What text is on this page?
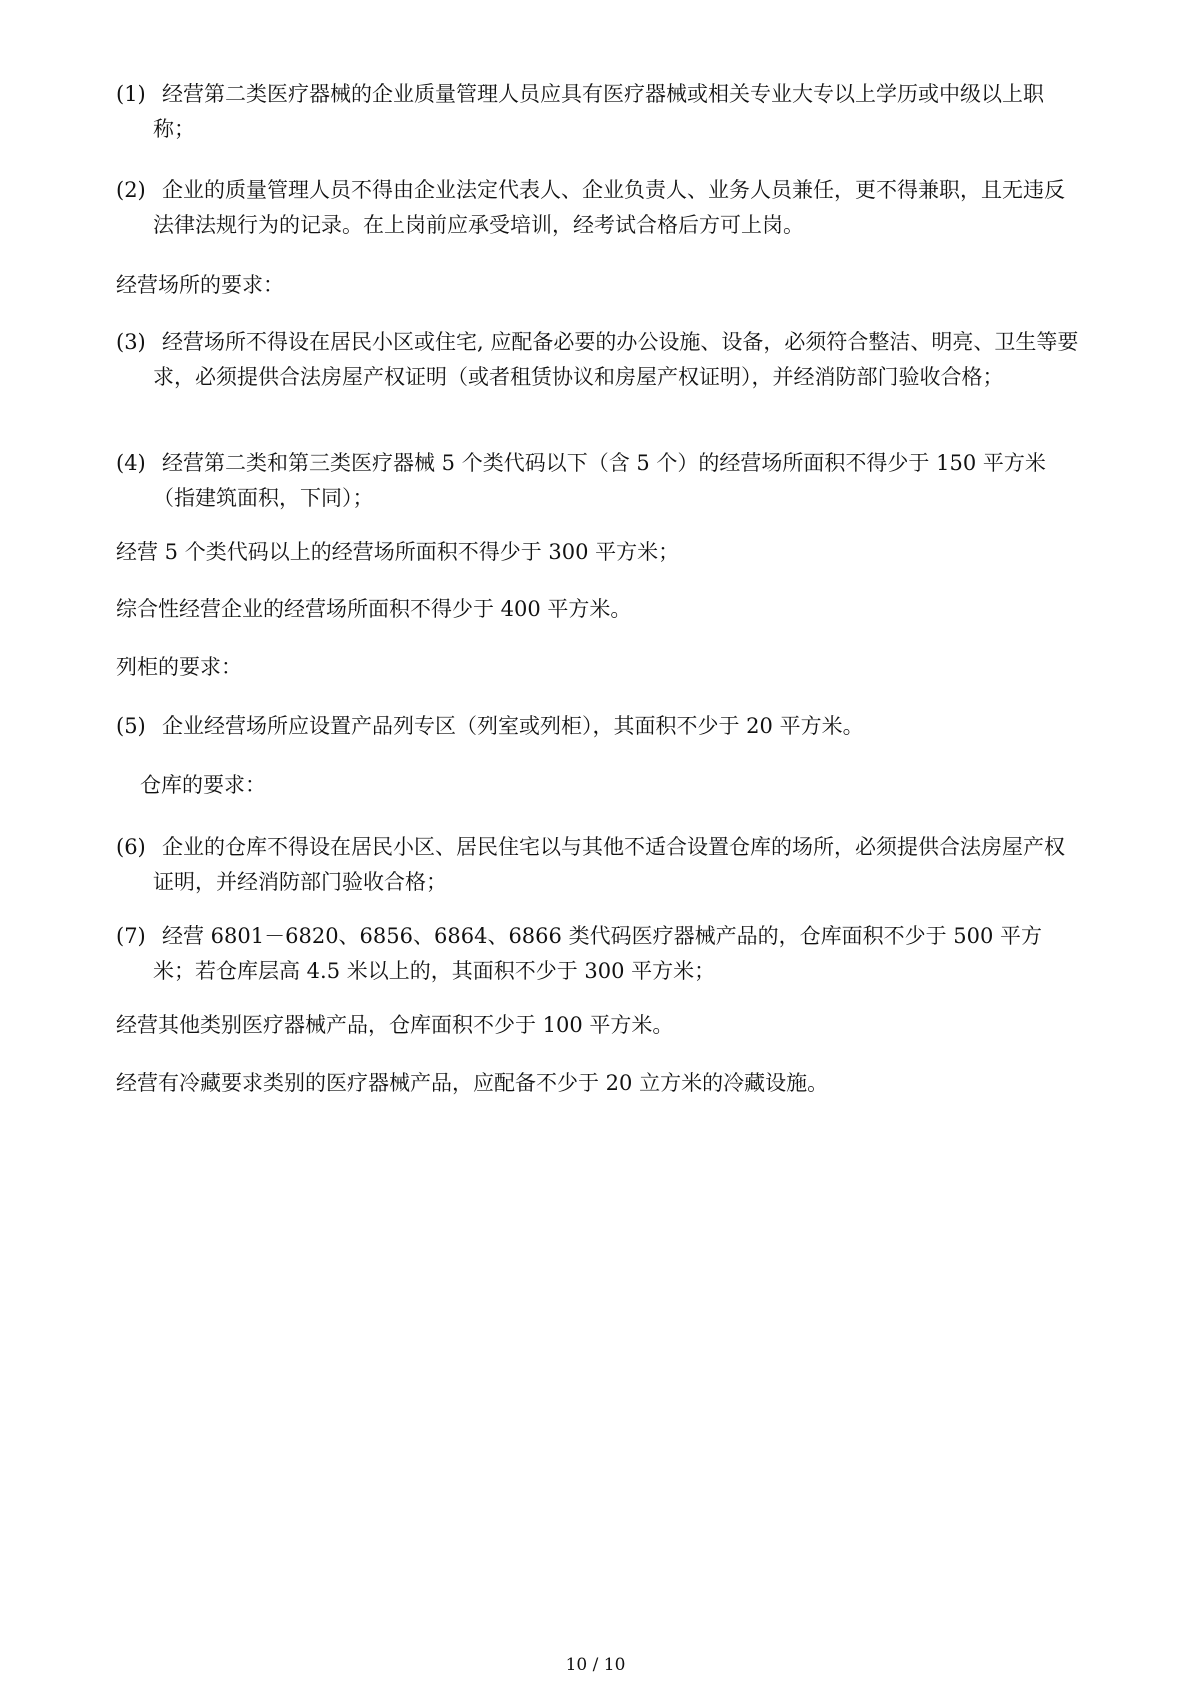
(1) 经营第二类医疗器械的企业质量管理人员应具有医疗器械或相关专业大专以上学历或中级以上职称；
(2) 企业的质量管理人员不得由企业法定代表人、企业负责人、业务人员兼任，更不得兼职，且无违反法律法规行为的记录。在上岗前应承受培训，经考试合格后方可上岗。
经营场所的要求：
(3) 经营场所不得设在居民小区或住宅, 应配备必要的办公设施、设备，必须符合整洁、明亮、卫生等要求，必须提供合法房屋产权证明（或者租赁协议和房屋产权证明），并经消防部门验收合格；
(4) 经营第二类和第三类医疗器械 5 个类代码以下（含 5 个）的经营场所面积不得少于 150 平方米（指建筑面积，下同）；
经营 5 个类代码以上的经营场所面积不得少于 300 平方米；
综合性经营企业的经营场所面积不得少于 400 平方米。
列柜的要求：
(5) 企业经营场所应设置产品列专区（列室或列柜），其面积不少于 20 平方米。
仓库的要求：
(6) 企业的仓库不得设在居民小区、居民住宅以与其他不适合设置仓库的场所，必须提供合法房屋产权证明，并经消防部门验收合格；
(7) 经营 6801－6820、6856、6864、6866 类代码医疗器械产品的，仓库面积不少于 500 平方米；若仓库层高 4.5 米以上的，其面积不少于 300 平方米；
经营其他类别医疗器械产品，仓库面积不少于 100 平方米。
经营有冷藏要求类别的医疗器械产品，应配备不少于 20 立方米的冷藏设施。
10 / 10
